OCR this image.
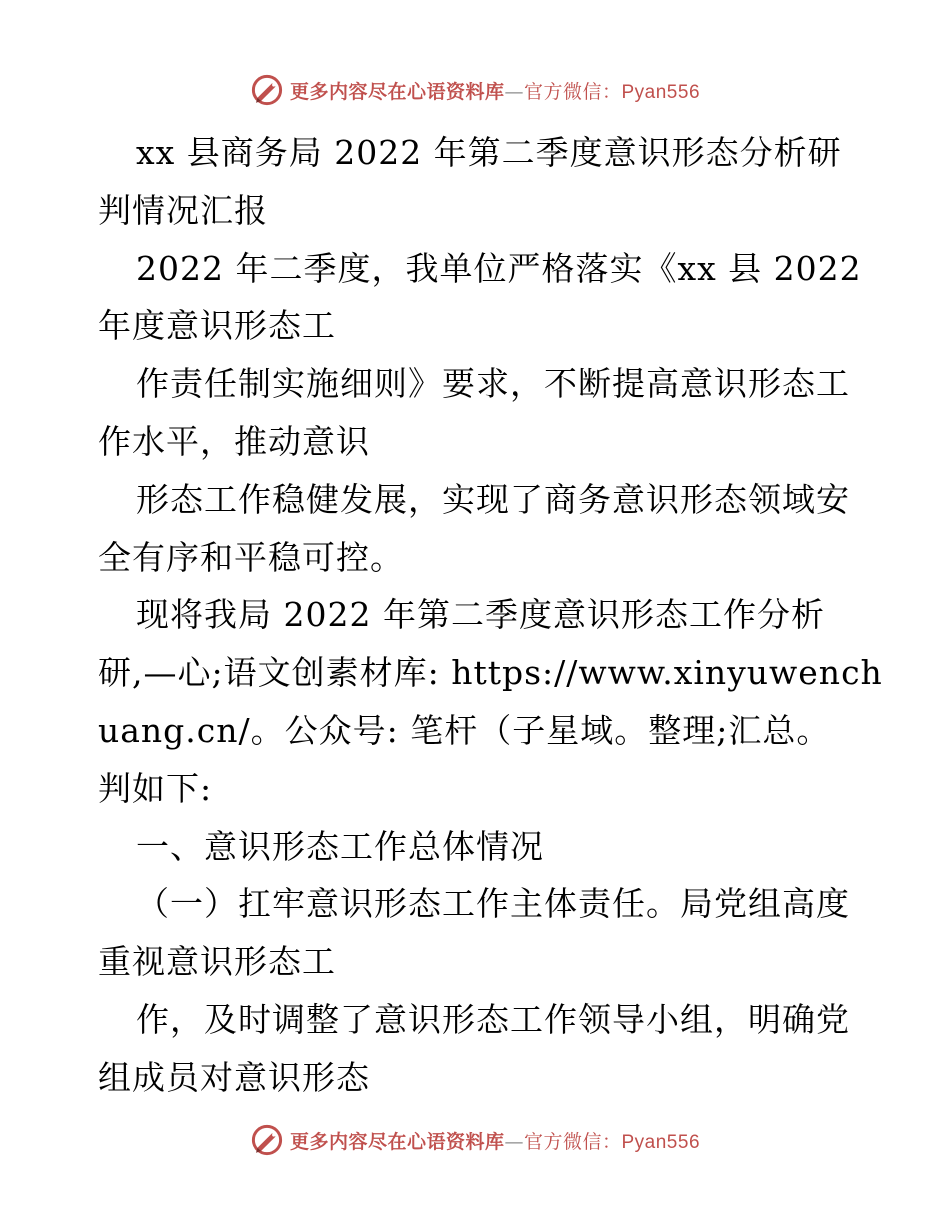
更多内容尽在心语资料库—官方微信：Pyan556
xx 县商务局 2022 年第二季度意识形态分析研
判情况汇报
2022 年二季度，我单位严格落实《xx 县 2022
年度意识形态工
作责任制实施细则》要求，不断提高意识形态工
作水平，推动意识
形态工作稳健发展，实现了商务意识形态领域安
全有序和平稳可控。
现将我局 2022 年第二季度意识形态工作分析
研,—心;语文创素材库: https://www.xinyuwench
uang.cn/。公众号: 笔杆（子星域。整理;汇总。
判如下:
一、意识形态工作总体情况
（一）扛牢意识形态工作主体责任。局党组高度
重视意识形态工
作，及时调整了意识形态工作领导小组，明确党
组成员对意识形态
更多内容尽在心语资料库—官方微信：Pyan556
